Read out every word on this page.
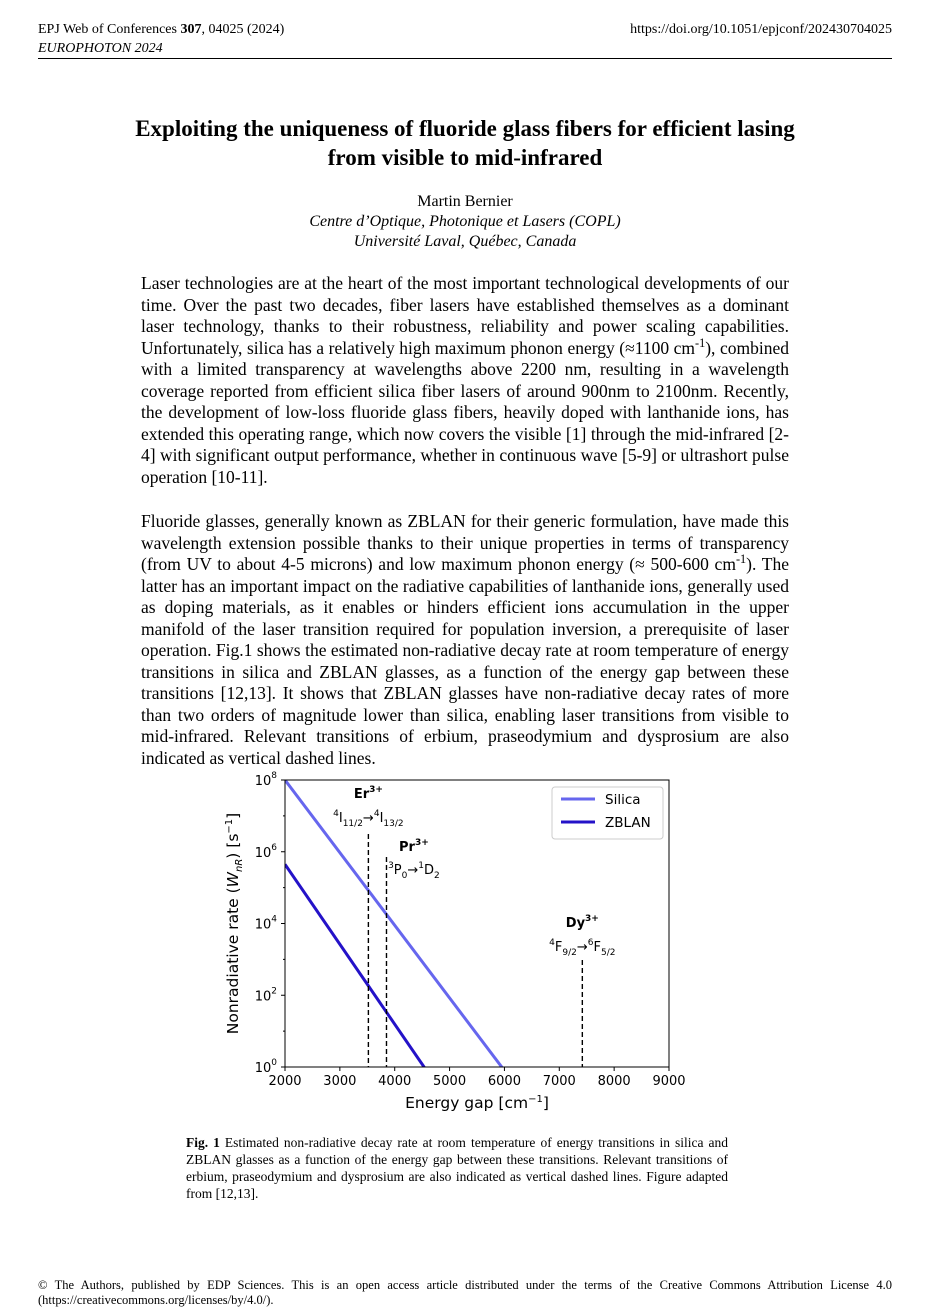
EPJ Web of Conferences 307, 04025 (2024)
EUROPHOTON 2024
https://doi.org/10.1051/epjconf/202430704025
Exploiting the uniqueness of fluoride glass fibers for efficient lasing from visible to mid-infrared
Martin Bernier
Centre d’Optique, Photonique et Lasers (COPL)
Université Laval, Québec, Canada

Laser technologies are at the heart of the most important technological developments of our time. Over the past two decades, fiber lasers have established themselves as a dominant laser technology, thanks to their robustness, reliability and power scaling capabilities. Unfortunately, silica has a relatively high maximum phonon energy (≈1100 $cm^{-1}$), combined with a limited transparency at wavelengths above 2200 nm, resulting in a wavelength coverage reported from efficient silica fiber lasers of around 900nm to 2100nm. Recently, the development of low-loss fluoride glass fibers, heavily doped with lanthanide ions, has extended this operating range, which now covers the visible [1] through the mid-infrared [2-4] with significant output performance, whether in continuous wave [5-9] or ultrashort pulse operation [10-11].

Fluoride glasses, generally known as ZBLAN for their generic formulation, have made this wavelength extension possible thanks to their unique properties in terms of transparency (from UV to about 4-5 microns) and low maximum phonon energy (≈ 500-600 $cm^{-1}$). The latter has an important impact on the radiative capabilities of lanthanide ions, generally used as doping materials, as it enables or hinders efficient ions accumulation in the upper manifold of the laser transition required for population inversion, a prerequisite of laser operation. Fig.1 shows the estimated non-radiative decay rate at room temperature of energy transitions in silica and ZBLAN glasses, as a function of the energy gap between these transitions [12,13]. It shows that ZBLAN glasses have non-radiative decay rates of more than two orders of magnitude lower than silica, enabling laser transitions from visible to mid-infrared. Relevant transitions of erbium, praseodymium and dysprosium are also indicated as vertical dashed lines.

$Er^{3+}$
$^4I_{11/2}\to^4I_{13/2}$
$Pr^{3+}$
$^3P_0\to^1D_2$
$Dy^{3+}$
$^4F_{9/2}\to^6F_{5/2}$
2000 3000 4000 5000 6000 7000 8000 9000
$10^0$
$10^2$
$10^4$
$10^6$
$10^8$
Energy gap $[cm^{-1}]$
Nonradiative rate $(W_{nR})$ $[s^{-1}]$
Silica
ZBLAN
Fig. 1 Estimated non-radiative decay rate at room temperature of energy transitions in silica and ZBLAN glasses as a function of the energy gap between these transitions. Relevant transitions of erbium, praseodymium and dysprosium are also indicated as vertical dashed lines. Figure adapted from [12,13].
© The Authors, published by EDP Sciences. This is an open access article distributed under the terms of the Creative Commons Attribution License 4.0 (https://creativecommons.org/licenses/by/4.0/).
